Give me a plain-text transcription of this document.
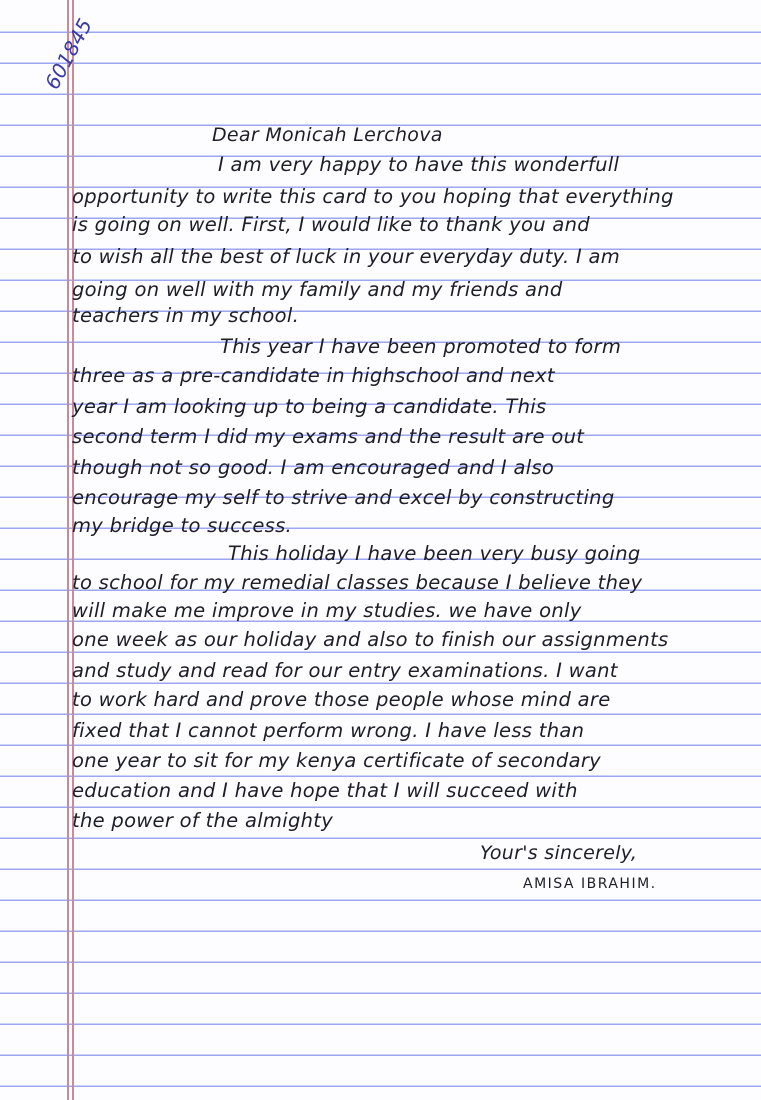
601845
Dear Monicah Lerchova
I am very happy to have this wonderfull
opportunity to write this card to you hoping that everything
is going on well. First, I would like to thank you and
to wish all the best of luck in your everyday duty. I am
going on well with my family and my friends and
teachers in my school.
This year I have been promoted to form
three as a pre-candidate in highschool and next
year I am looking up to being a candidate. This
second term I did my exams and the result are out
though not so good. I am encouraged and I also
encourage my self to strive and excel by constructing
my bridge to success.
This holiday I have been very busy going
to school for my remedial classes because I believe they
will make me improve in my studies. we have only
one week as our holiday and also to finish our assignments
and study and read for our entry examinations. I want
to work hard and prove those people whose mind are
fixed that I cannot perform wrong. I have less than
one year to sit for my kenya certificate of secondary
education and I have hope that I will succeed with
the power of the almighty
Your's sincerely,
AMISA IBRAHIM.
